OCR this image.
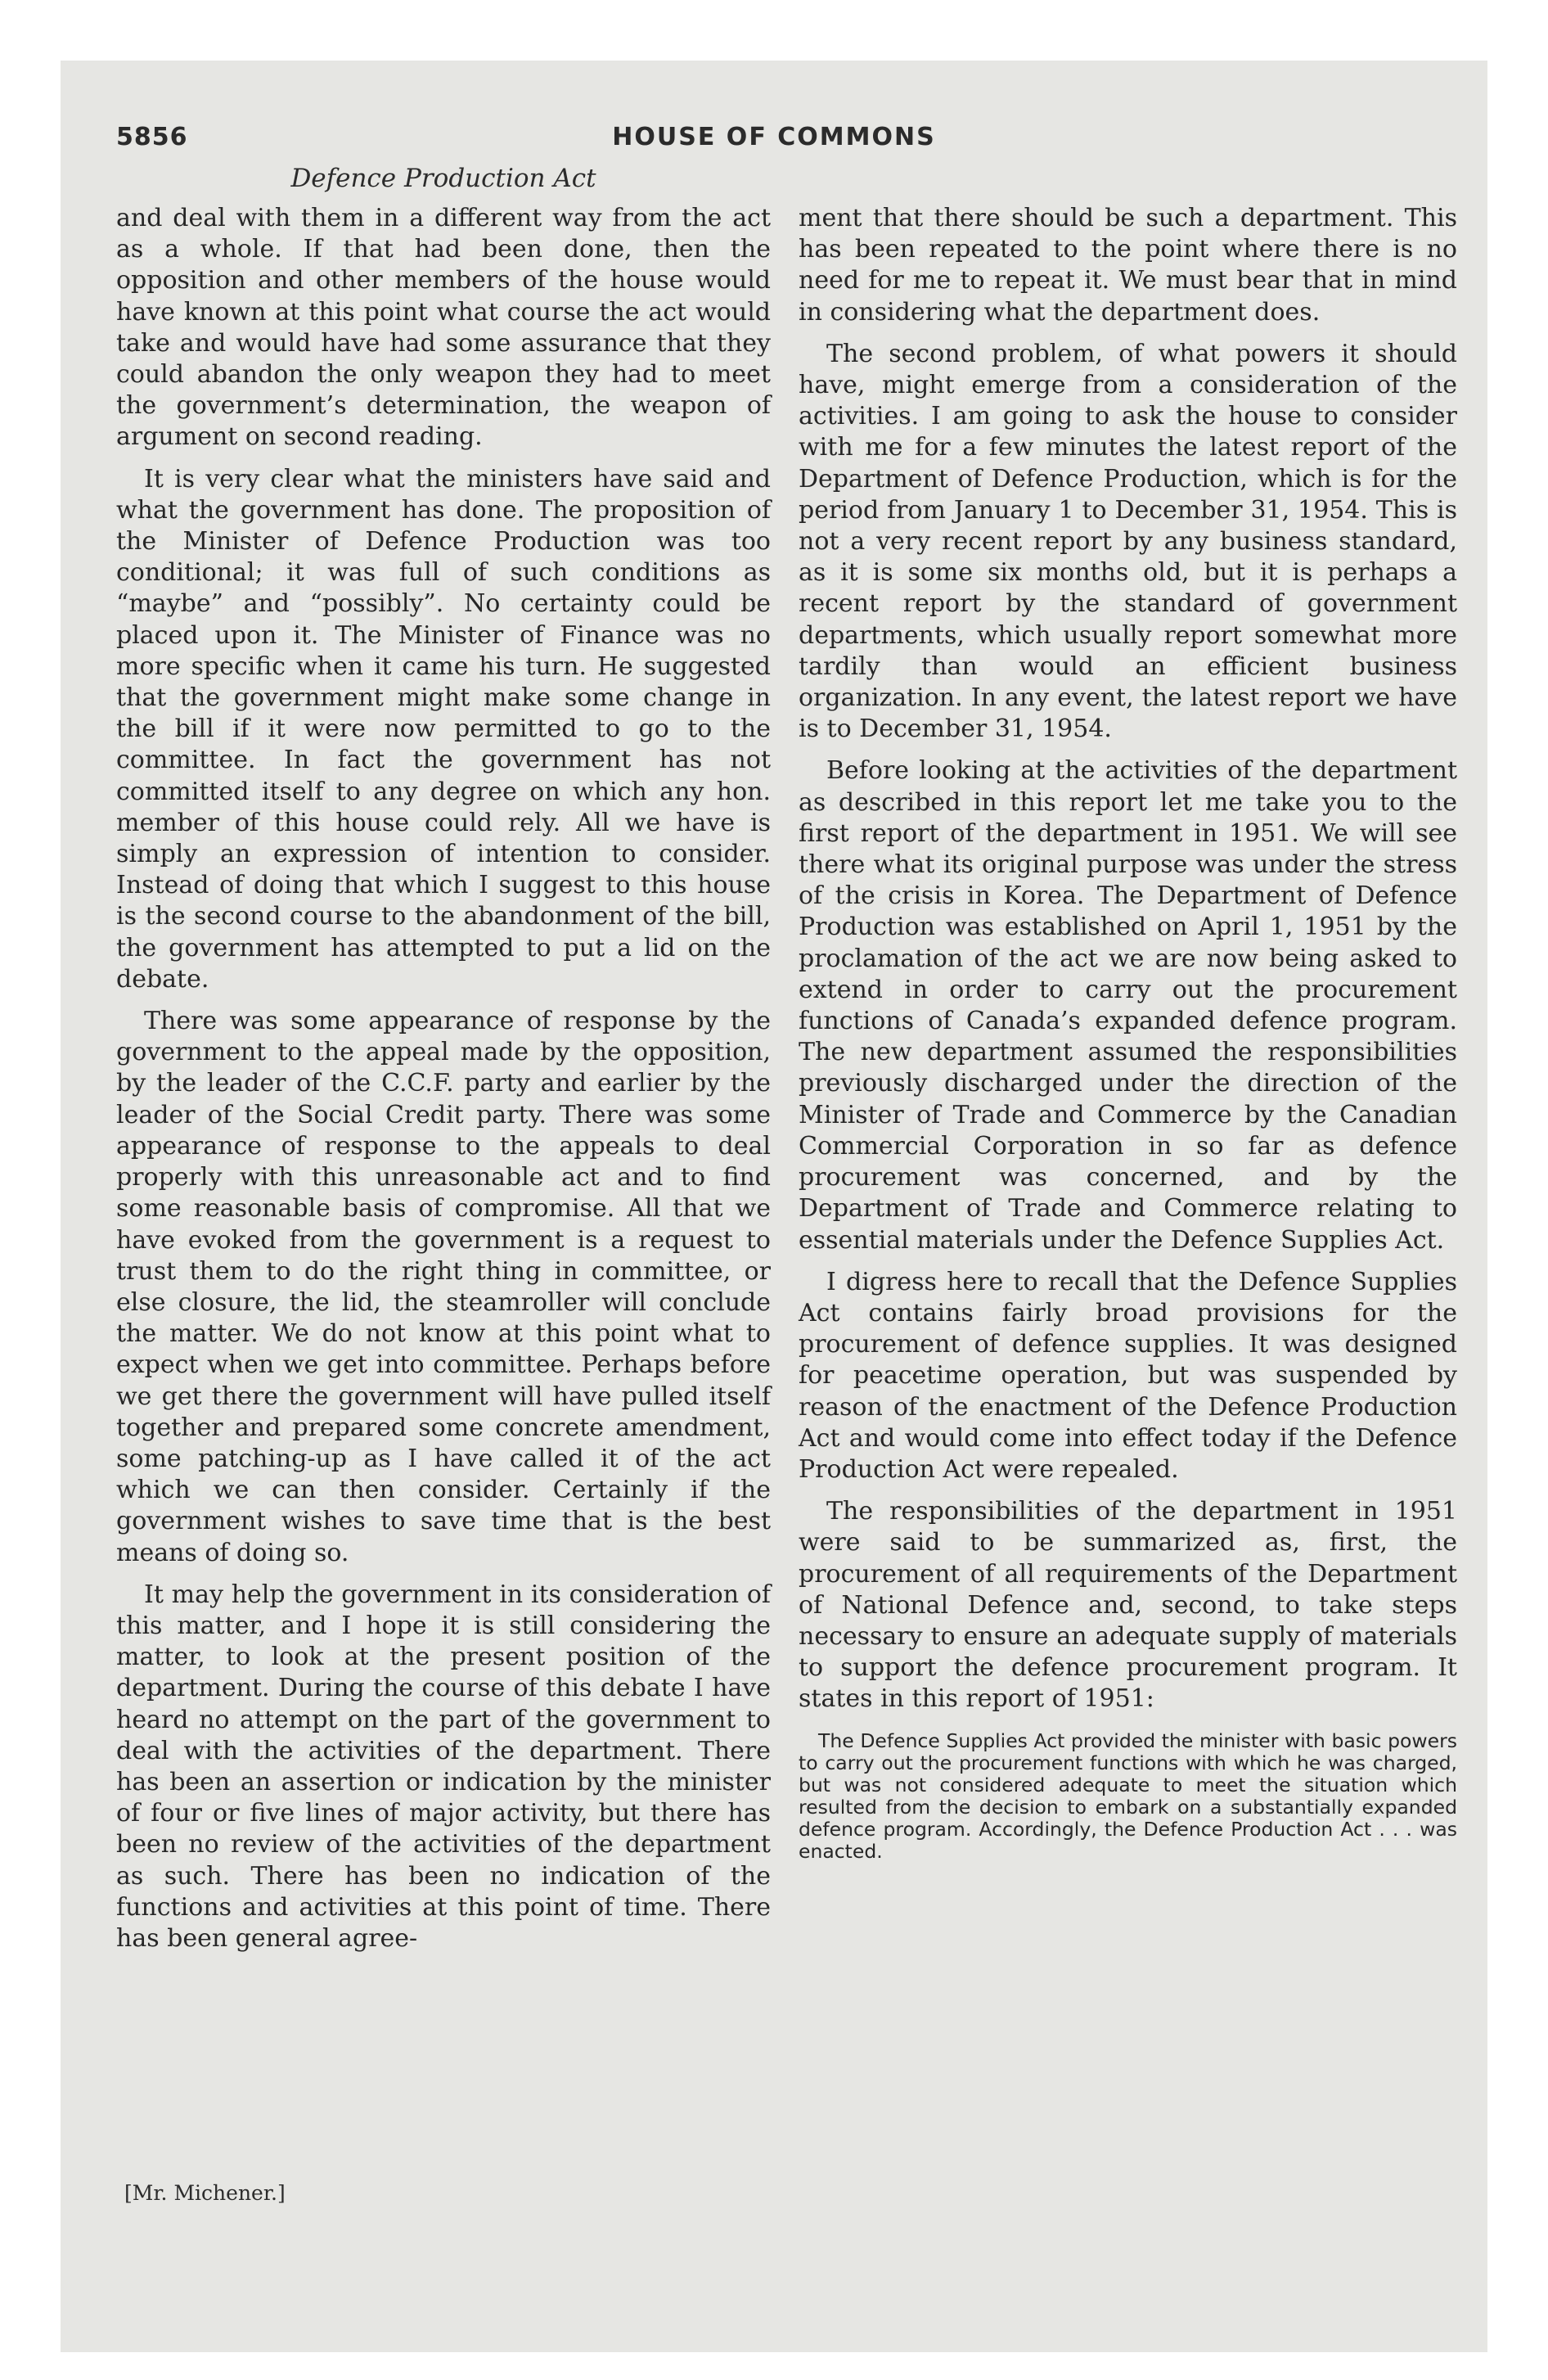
5856	HOUSE OF COMMONS
Defence Production Act

and deal with them in a different way from the act as a whole. If that had been done, then the opposition and other members of the house would have known at this point what course the act would take and would have had some assurance that they could abandon the only weapon they had to meet the government’s determination, the weapon of argument on second reading.

It is very clear what the ministers have said and what the government has done. The proposition of the Minister of Defence Production was too conditional; it was full of such conditions as “maybe” and “possibly”. No certainty could be placed upon it. The Minister of Finance was no more specific when it came his turn. He suggested that the government might make some change in the bill if it were now permitted to go to the committee. In fact the government has not committed itself to any degree on which any hon. member of this house could rely. All we have is simply an expression of intention to consider. Instead of doing that which I suggest to this house is the second course to the abandonment of the bill, the government has attempted to put a lid on the debate.

There was some appearance of response by the government to the appeal made by the opposition, by the leader of the C.C.F. party and earlier by the leader of the Social Credit party. There was some appearance of response to the appeals to deal properly with this unreasonable act and to find some reasonable basis of compromise. All that we have evoked from the government is a request to trust them to do the right thing in committee, or else closure, the lid, the steamroller will conclude the matter. We do not know at this point what to expect when we get into committee. Perhaps before we get there the government will have pulled itself together and prepared some concrete amendment, some patching-up as I have called it of the act which we can then consider. Certainly if the government wishes to save time that is the best means of doing so.

It may help the government in its consideration of this matter, and I hope it is still considering the matter, to look at the present position of the department. During the course of this debate I have heard no attempt on the part of the government to deal with the activities of the department. There has been an assertion or indication by the minister of four or five lines of major activity, but there has been no review of the activities of the department as such. There has been no indication of the functions and activities at this point of time. There has been general agree-

ment that there should be such a department. This has been repeated to the point where there is no need for me to repeat it. We must bear that in mind in considering what the department does.

The second problem, of what powers it should have, might emerge from a consideration of the activities. I am going to ask the house to consider with me for a few minutes the latest report of the Department of Defence Production, which is for the period from January 1 to December 31, 1954. This is not a very recent report by any business standard, as it is some six months old, but it is perhaps a recent report by the standard of government departments, which usually report somewhat more tardily than would an efficient business organization. In any event, the latest report we have is to December 31, 1954.

Before looking at the activities of the department as described in this report let me take you to the first report of the department in 1951. We will see there what its original purpose was under the stress of the crisis in Korea. The Department of Defence Production was established on April 1, 1951 by the proclamation of the act we are now being asked to extend in order to carry out the procurement functions of Canada’s expanded defence program. The new department assumed the responsibilities previously discharged under the direction of the Minister of Trade and Commerce by the Canadian Commercial Corporation in so far as defence procurement was concerned, and by the Department of Trade and Commerce relating to essential materials under the Defence Supplies Act.

I digress here to recall that the Defence Supplies Act contains fairly broad provisions for the procurement of defence supplies. It was designed for peacetime operation, but was suspended by reason of the enactment of the Defence Production Act and would come into effect today if the Defence Production Act were repealed.

The responsibilities of the department in 1951 were said to be summarized as, first, the procurement of all requirements of the Department of National Defence and, second, to take steps necessary to ensure an adequate supply of materials to support the defence procurement program. It states in this report of 1951:

The Defence Supplies Act provided the minister with basic powers to carry out the procurement functions with which he was charged, but was not considered adequate to meet the situation which resulted from the decision to embark on a substantially expanded defence program. Accordingly, the Defence Production Act . . . was enacted.

[Mr. Michener.]
